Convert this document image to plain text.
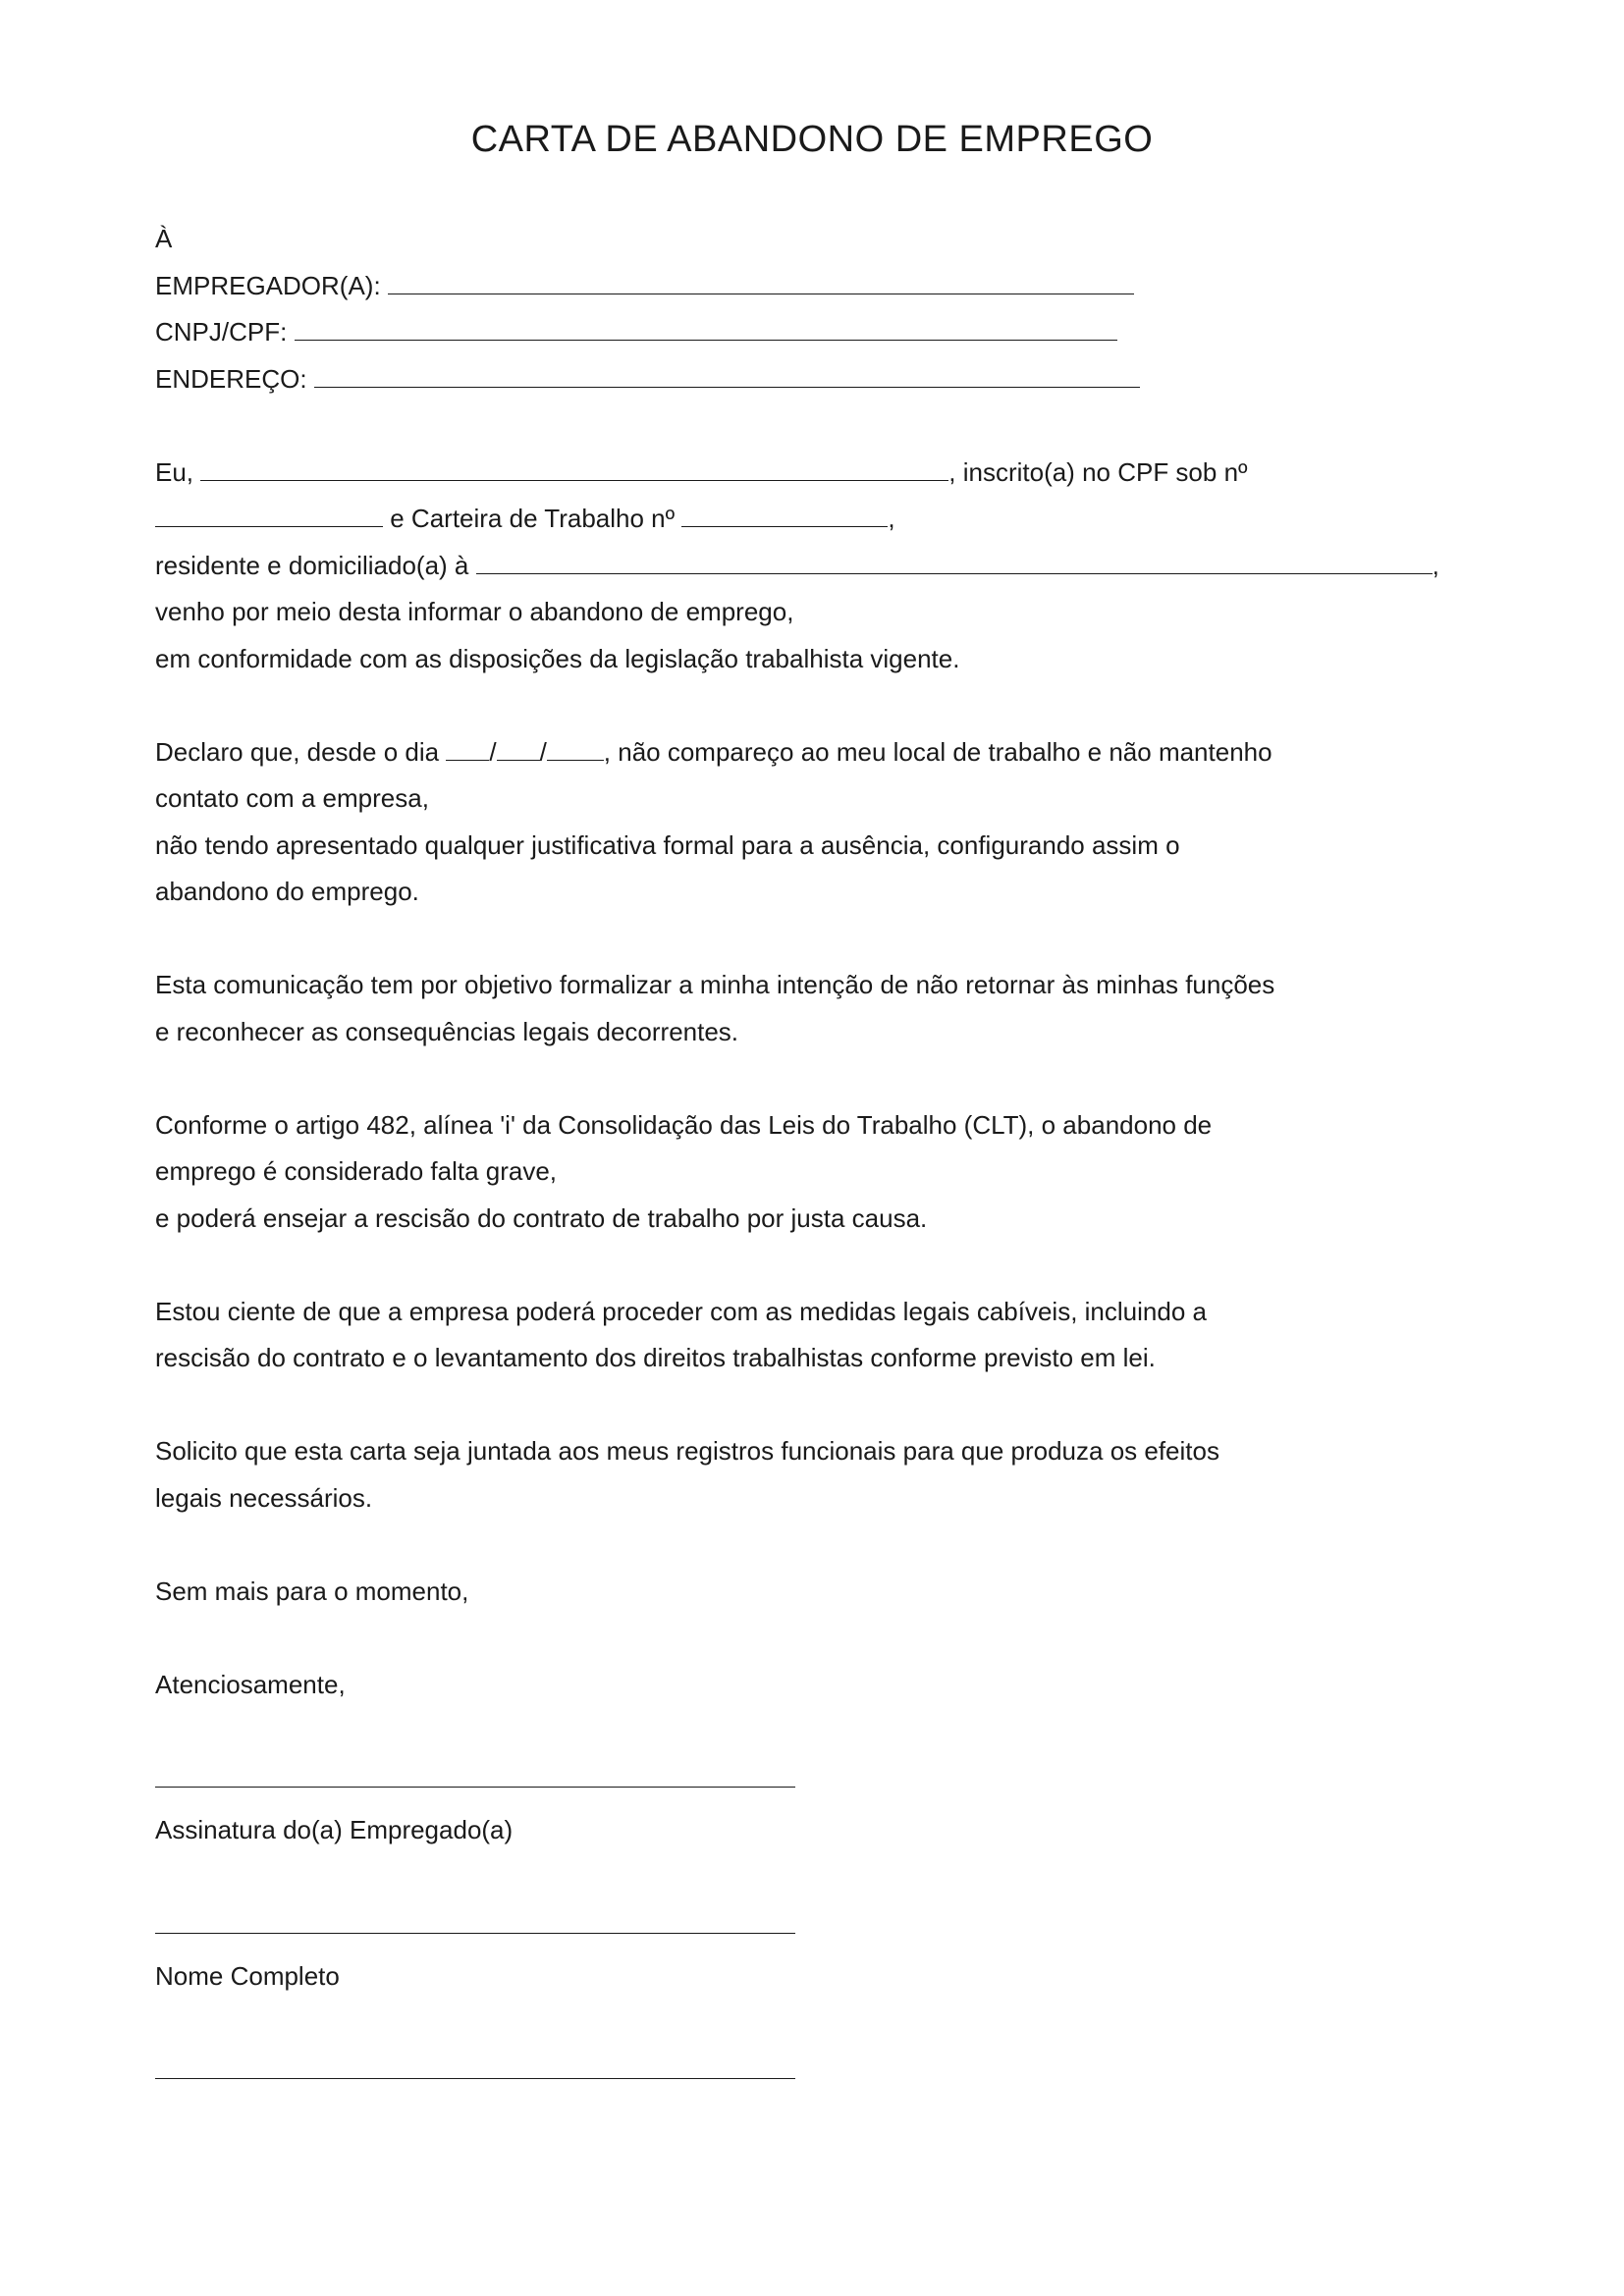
CARTA DE ABANDONO DE EMPREGO
À
EMPREGADOR(A):
CNPJ/CPF:
ENDEREÇO:
Eu,	, inscrito(a) no CPF sob nº
e Carteira de Trabalho nº	,
residente e domiciliado(a) à	,
venho por meio desta informar o abandono de emprego,
em conformidade com as disposições da legislação trabalhista vigente.
Declaro que, desde o dia / / , não compareço ao meu local de trabalho e não mantenho
contato com a empresa,
não tendo apresentado qualquer justificativa formal para a ausência, configurando assim o
abandono do emprego.
Esta comunicação tem por objetivo formalizar a minha intenção de não retornar às minhas funções
e reconhecer as consequências legais decorrentes.
Conforme o artigo 482, alínea 'i' da Consolidação das Leis do Trabalho (CLT), o abandono de
emprego é considerado falta grave,
e poderá ensejar a rescisão do contrato de trabalho por justa causa.
Estou ciente de que a empresa poderá proceder com as medidas legais cabíveis, incluindo a
rescisão do contrato e o levantamento dos direitos trabalhistas conforme previsto em lei.
Solicito que esta carta seja juntada aos meus registros funcionais para que produza os efeitos
legais necessários.
Sem mais para o momento,
Atenciosamente,
Assinatura do(a) Empregado(a)
Nome Completo
